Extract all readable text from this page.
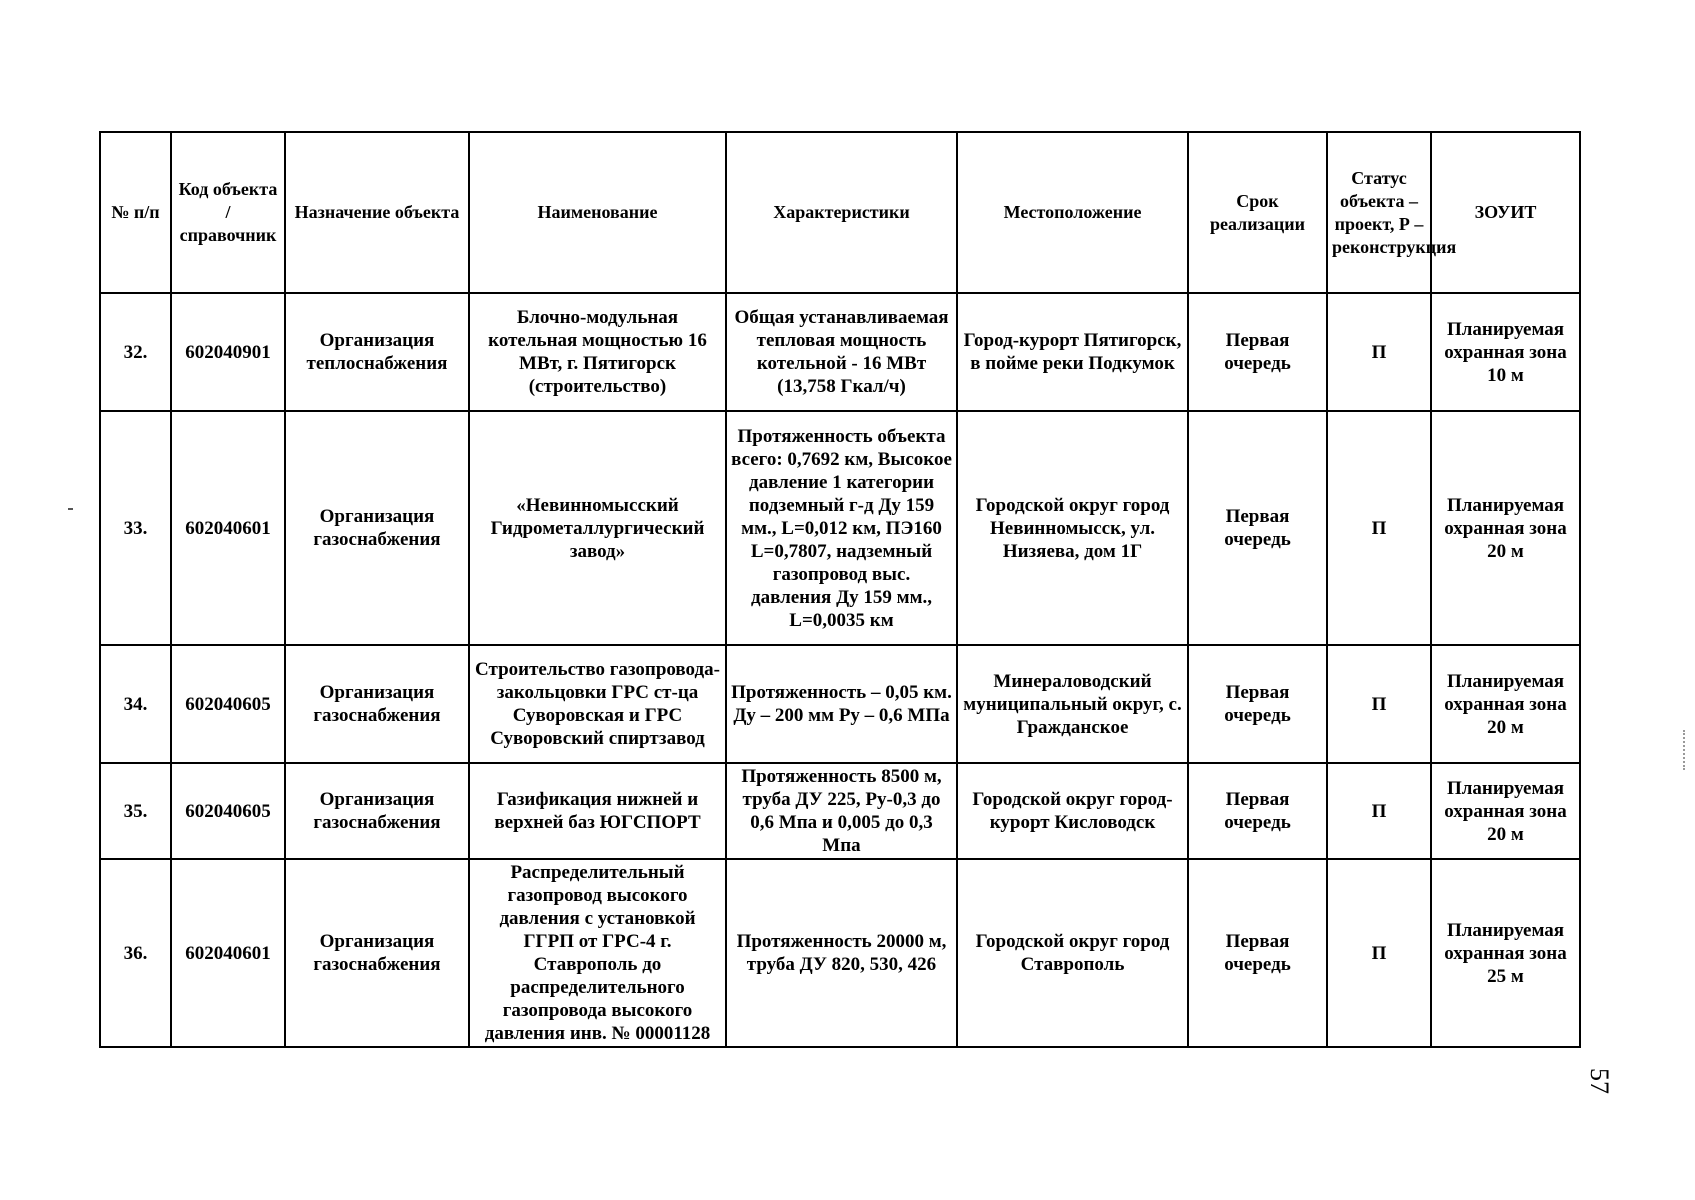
№ п/п	Код объекта / справочник	Назначение объекта	Наименование	Характеристики	Местоположение	Срок реализации	Статус объекта – проект, Р – реконструкция	ЗОУИТ
32.	602040901	Организация теплоснабжения	Блочно-модульная котельная мощностью 16 МВт, г. Пятигорск (строительство)	Общая устанавливаемая тепловая мощность котельной - 16 МВт (13,758 Гкал/ч)	Город-курорт Пятигорск, в пойме реки Подкумок	Первая очередь	П	Планируемая охранная зона 10 м
33.	602040601	Организация газоснабжения	«Невинномысский Гидрометаллургический завод»	Протяженность объекта всего: 0,7692 км, Высокое давление 1 категории подземный г-д Ду 159 мм., L=0,012 км, ПЭ160 L=0,7807, надземный газопровод выс. давления Ду 159 мм., L=0,0035 км	Городской округ город Невинномысск, ул. Низяева, дом 1Г	Первая очередь	П	Планируемая охранная зона 20 м
34.	602040605	Организация газоснабжения	Строительство газопровода-закольцовки ГРС ст-ца Суворовская и ГРС Суворовский спиртзавод	Протяженность – 0,05 км. Ду – 200 мм Ру – 0,6 МПа	Минераловодский муниципальный округ, с. Гражданское	Первая очередь	П	Планируемая охранная зона 20 м
35.	602040605	Организация газоснабжения	Газификация нижней и верхней баз ЮГСПОРТ	Протяженность 8500 м, труба ДУ 225, Ру-0,3 до 0,6 Мпа и 0,005 до 0,3 Мпа	Городской округ город-курорт Кисловодск	Первая очередь	П	Планируемая охранная зона 20 м
36.	602040601	Организация газоснабжения	Распределительный газопровод высокого давления с установкой ГГРП от ГРС-4 г. Ставрополь до распределительного газопровода высокого давления инв. № 00001128	Протяженность 20000 м, труба ДУ 820, 530, 426	Городской округ город Ставрополь	Первая очередь	П	Планируемая охранная зона 25 м
57
